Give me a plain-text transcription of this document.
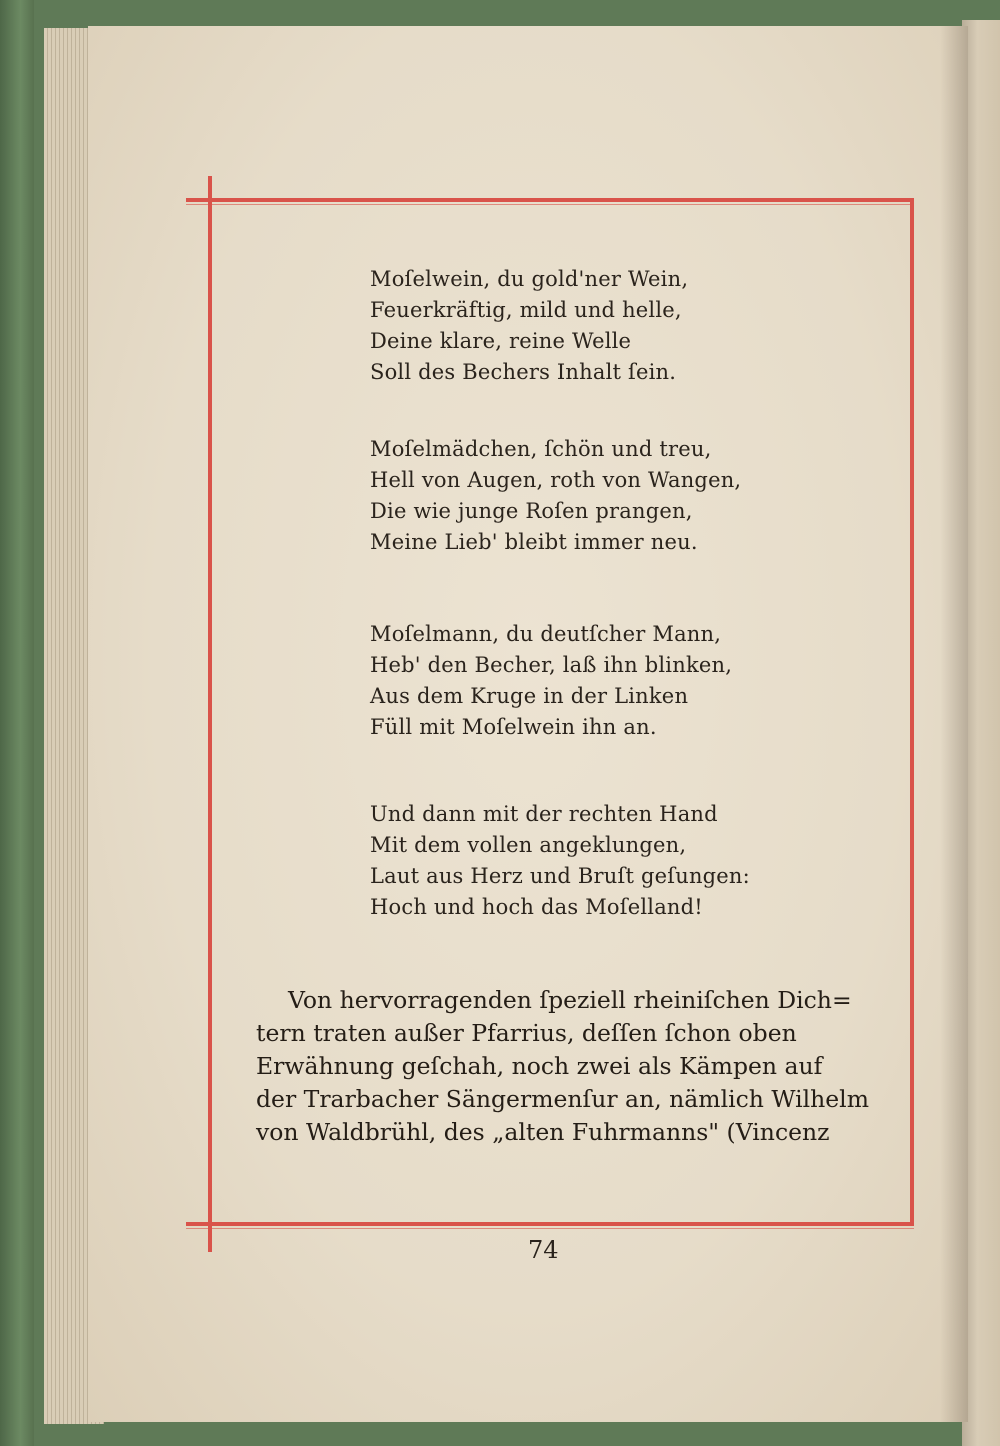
Moſelwein, du gold'ner Wein,
Feuerkräftig, mild und helle,
Deine klare, reine Welle
Soll des Bechers Inhalt ſein.
Moſelmädchen, ſchön und treu,
Hell von Augen, roth von Wangen,
Die wie junge Roſen prangen,
Meine Lieb' bleibt immer neu.
Moſelmann, du deutſcher Mann,
Heb' den Becher, laß ihn blinken,
Aus dem Kruge in der Linken
Füll mit Moſelwein ihn an.
Und dann mit der rechten Hand
Mit dem vollen angeklungen,
Laut aus Herz und Bruſt geſungen:
Hoch und hoch das Moſelland!
Von hervorragenden ſpeziell rheiniſchen Dich=
tern traten außer Pfarrius, deſſen ſchon oben
Erwähnung geſchah, noch zwei als Kämpen auf
der Trarbacher Sängermenſur an, nämlich Wilhelm
von Waldbrühl, des „alten Fuhrmanns" (Vincenz
74
